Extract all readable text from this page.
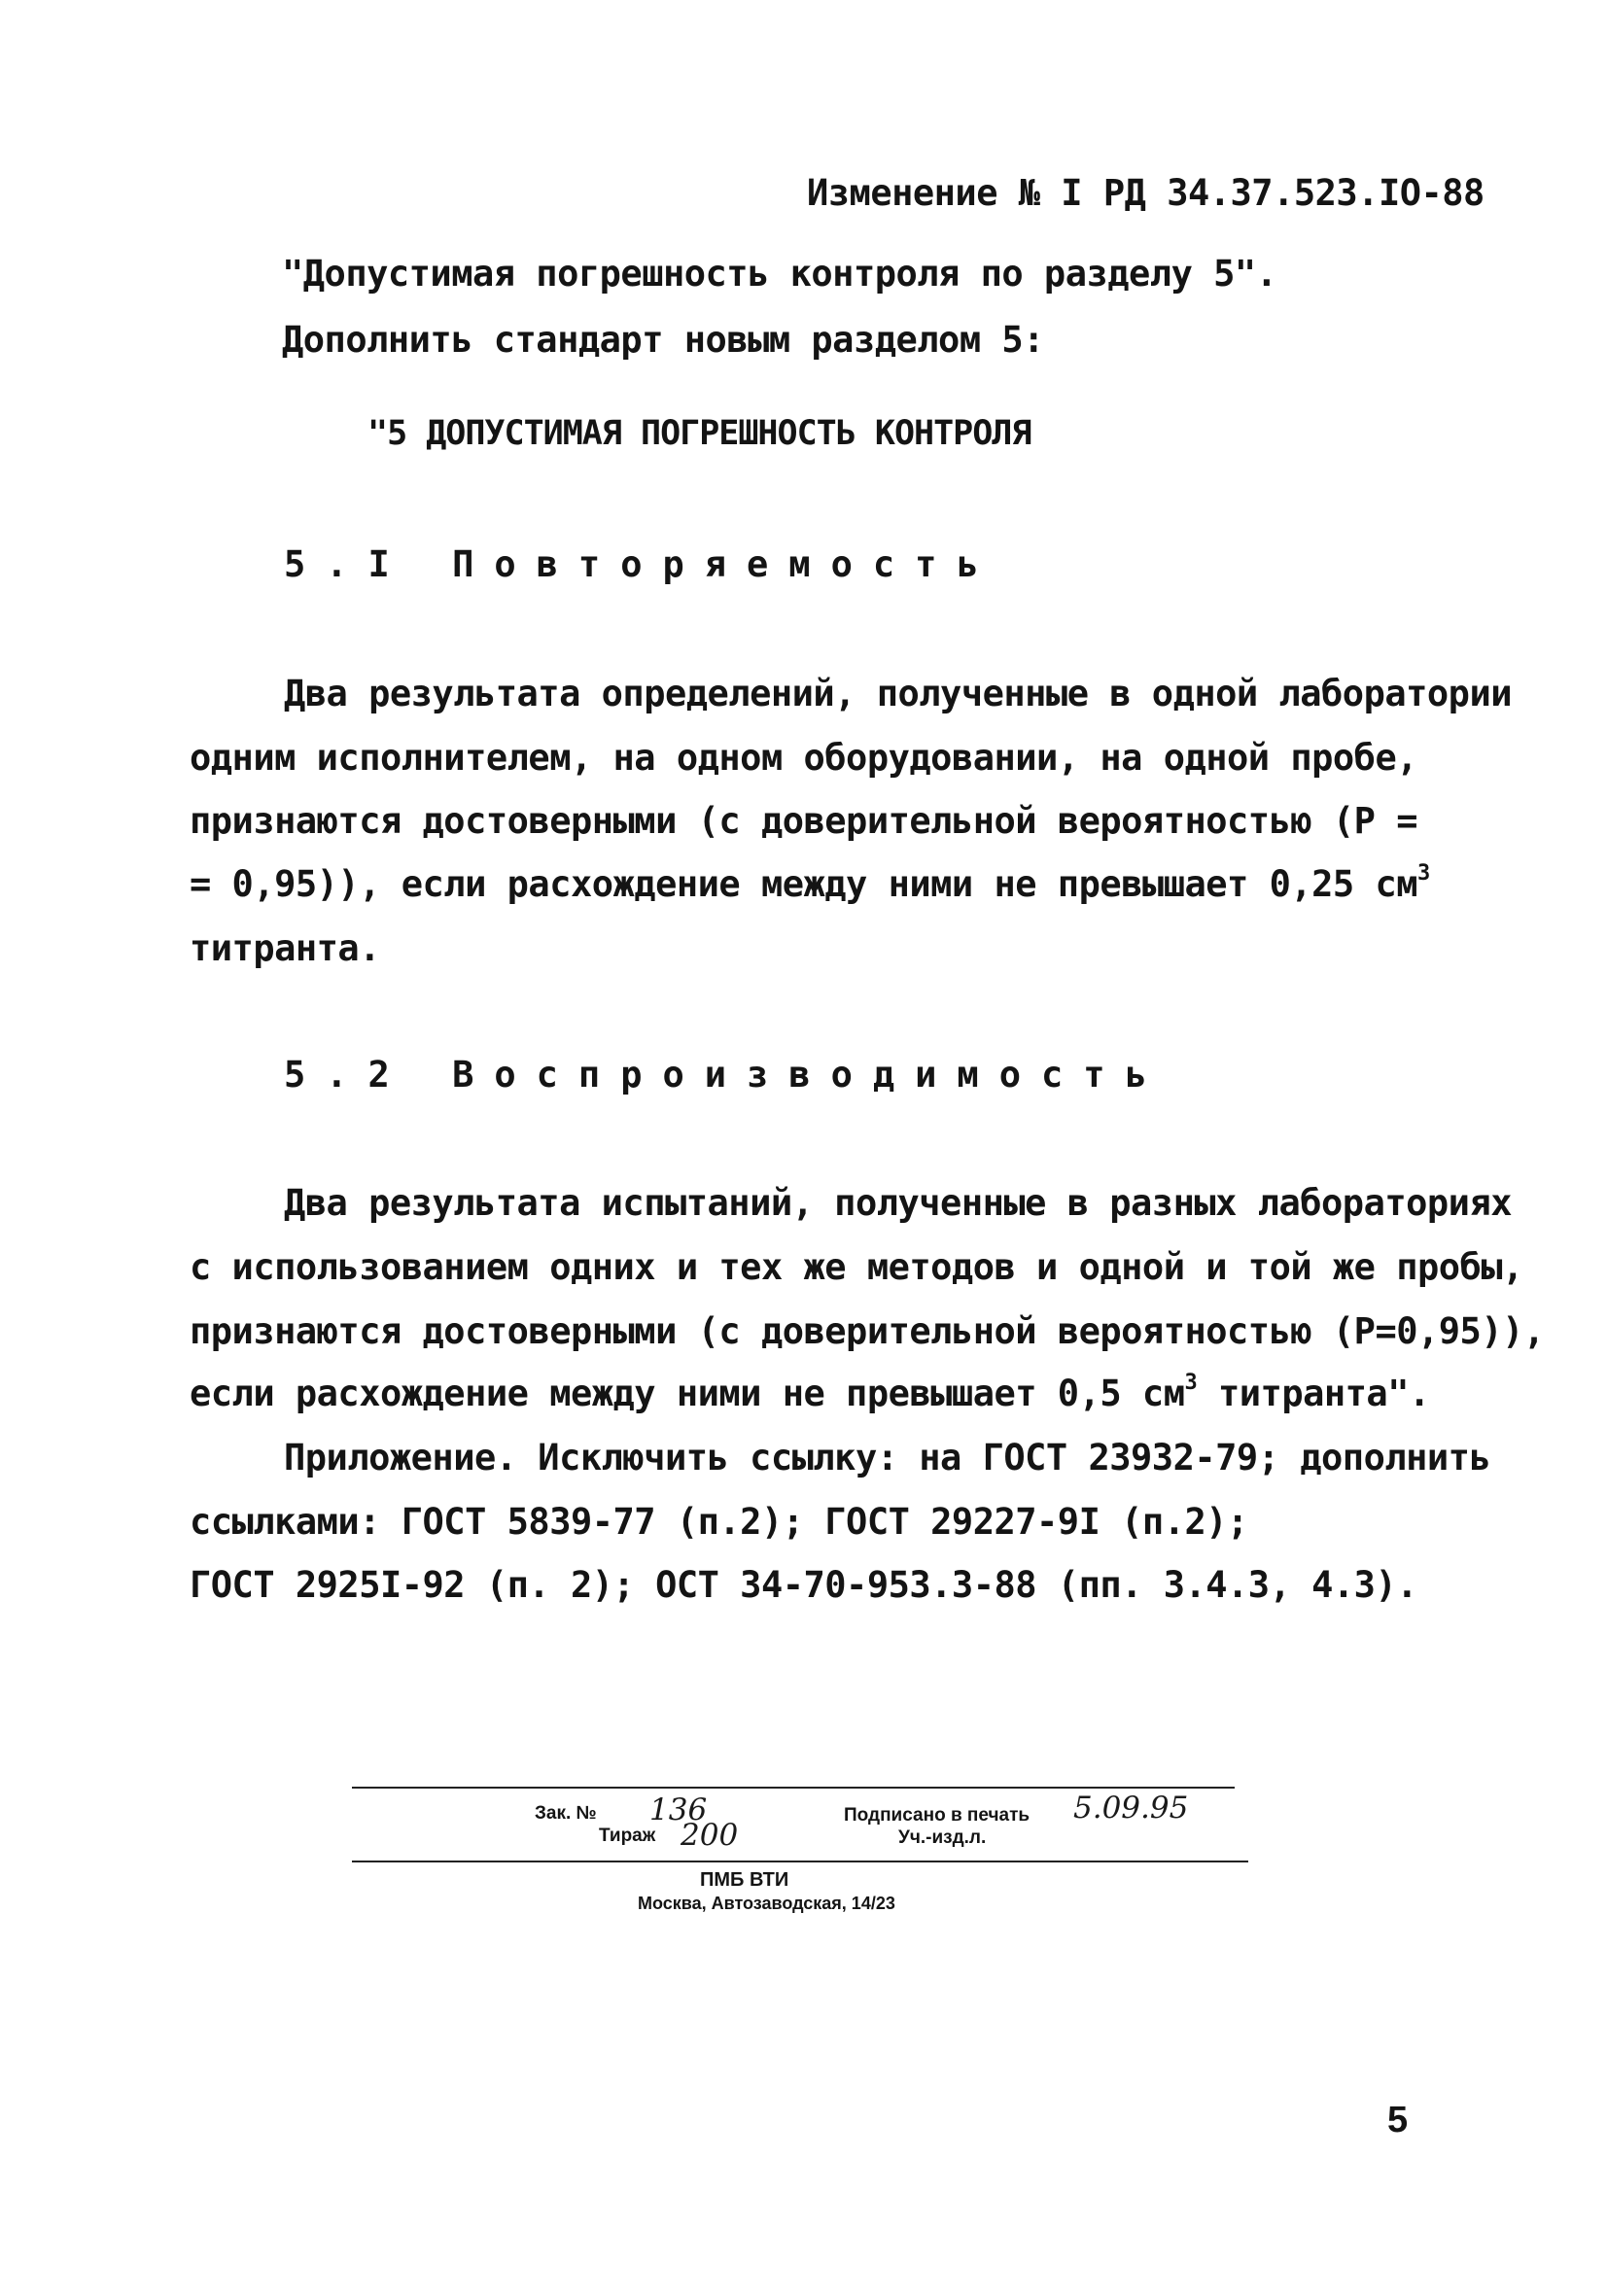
Изменение № I РД 34.37.523.IO-88
"Допустимая погрешность контроля по разделу 5".
Дополнить стандарт новым разделом 5:
"5 ДОПУСТИМАЯ ПОГРЕШНОСТЬ КОНТРОЛЯ
5.I Повторяемость
Два результата определений, полученные в одной лаборатории
одним исполнителем, на одном оборудовании, на одной пробе,
признаются достоверными (с доверительной вероятностью (Р =
= 0,95)), если расхождение между ними не превышает 0,25 $см^3$
титранта.
5.2 Воспроизводимость
Два результата испытаний, полученные в разных лабораториях
с использованием одних и тех же методов и одной и той же пробы,
признаются достоверными (с доверительной вероятностью (Р=0,95)),
если расхождение между ними не превышает 0,5 $см^3$ титранта".
Приложение. Исключить ссылку: на ГОСТ 23932-79; дополнить
ссылками: ГОСТ 5839-77 (п.2); ГОСТ 29227-9I (п.2);
ГОСТ 2925I-92 (п. 2); ОСТ 34-70-953.3-88 (пп. 3.4.3, 4.3).
Зак. № 136
Тираж 200
Подписано в печать 5.09.95
Уч.-изд.л.
ПМБ ВТИ
Москва, Автозаводская, 14/23
5
